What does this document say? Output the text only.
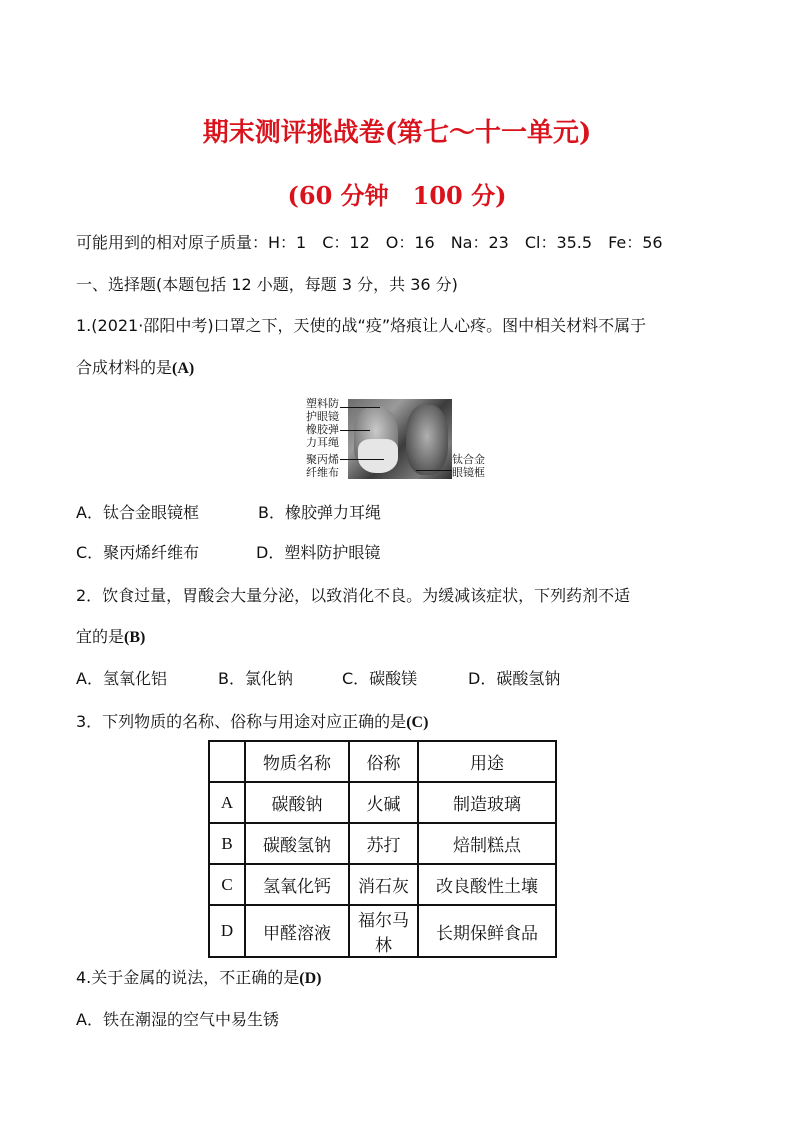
期末测评挑战卷(第七～十一单元)
(60 分钟　100 分)
可能用到的相对原子质量：H：1　C：12　O：16　Na：23　Cl：35.5　Fe：56
一、选择题(本题包括 12 小题，每题 3 分，共 36 分)
1.(2021·邵阳中考)口罩之下，天使的战“疫”烙痕让人心疼。图中相关材料不属于
合成材料的是(A)
塑料防
护眼镜
橡胶弹
力耳绳
聚丙烯
纤维布
钛合金
眼镜框
A．钛合金眼镜框	B．橡胶弹力耳绳
C．聚丙烯纤维布	D．塑料防护眼镜
2．饮食过量，胃酸会大量分泌，以致消化不良。为缓减该症状，下列药剂不适
宜的是(B)
A．氢氧化铝	B．氯化钠	C．碳酸镁	D．碳酸氢钠
3．下列物质的名称、俗称与用途对应正确的是(C)
	物质名称	俗称	用途
A	碳酸钠	火碱	制造玻璃
B	碳酸氢钠	苏打	焙制糕点
C	氢氧化钙	消石灰	改良酸性土壤
D	甲醛溶液	福尔马林	长期保鲜食品
4.关于金属的说法，不正确的是(D)
A．铁在潮湿的空气中易生锈
